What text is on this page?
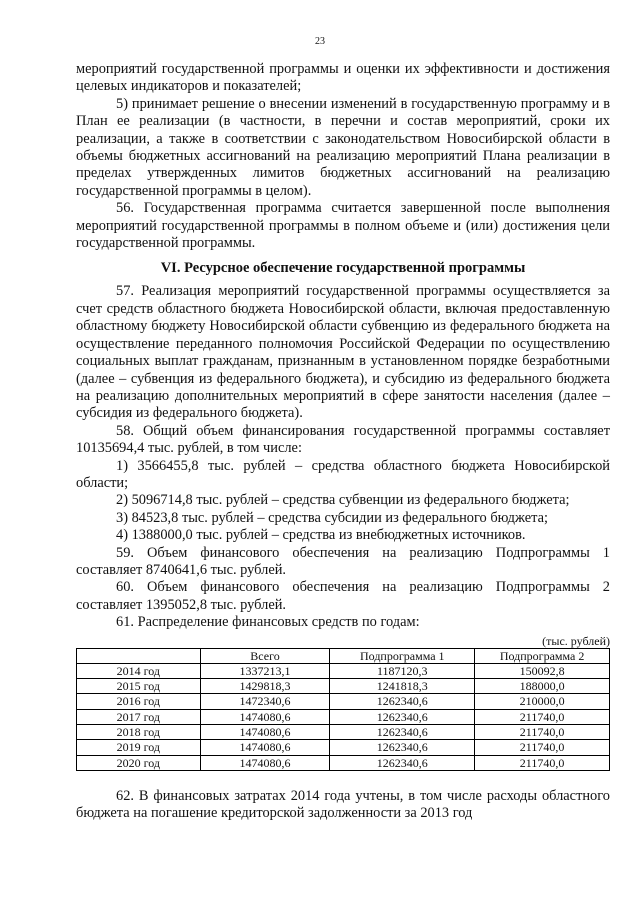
23

мероприятий государственной программы и оценки их эффективности и достижения целевых индикаторов и показателей;

5) принимает решение о внесении изменений в государственную программу и в План ее реализации (в частности, в перечни и состав мероприятий, сроки их реализации, а также в соответствии с законодательством Новосибирской области в объемы бюджетных ассигнований на реализацию мероприятий Плана реализации в пределах утвержденных лимитов бюджетных ассигнований на реализацию государственной программы в целом).

56. Государственная программа считается завершенной после выполнения мероприятий государственной программы в полном объеме и (или) достижения цели государственной программы.

VI. Ресурсное обеспечение государственной программы

57. Реализация мероприятий государственной программы осуществляется за счет средств областного бюджета Новосибирской области, включая предоставленную областному бюджету Новосибирской области субвенцию из федерального бюджета на осуществление переданного полномочия Российской Федерации по осуществлению социальных выплат гражданам, признанным в установленном порядке безработными (далее – субвенция из федерального бюджета), и субсидию из федерального бюджета на реализацию дополнительных мероприятий в сфере занятости населения (далее – субсидия из федерального бюджета).

58. Общий объем финансирования государственной программы составляет 10135694,4 тыс. рублей, в том числе:

1) 3566455,8 тыс. рублей – средства областного бюджета Новосибирской области;

2) 5096714,8 тыс. рублей – средства субвенции из федерального бюджета;

3) 84523,8 тыс. рублей – средства субсидии из федерального бюджета;

4) 1388000,0 тыс. рублей – средства из внебюджетных источников.

59. Объем финансового обеспечения на реализацию Подпрограммы 1 составляет 8740641,6 тыс. рублей.

60. Объем финансового обеспечения на реализацию Подпрограммы 2 составляет 1395052,8 тыс. рублей.

61. Распределение финансовых средств по годам:

(тыс. рублей)
	Всего	Подпрограмма 1	Подпрограмма 2
2014 год	1337213,1	1187120,3	150092,8
2015 год	1429818,3	1241818,3	188000,0
2016 год	1472340,6	1262340,6	210000,0
2017 год	1474080,6	1262340,6	211740,0
2018 год	1474080,6	1262340,6	211740,0
2019 год	1474080,6	1262340,6	211740,0
2020 год	1474080,6	1262340,6	211740,0

62. В финансовых затратах 2014 года учтены, в том числе расходы областного бюджета на погашение кредиторской задолженности за 2013 год
